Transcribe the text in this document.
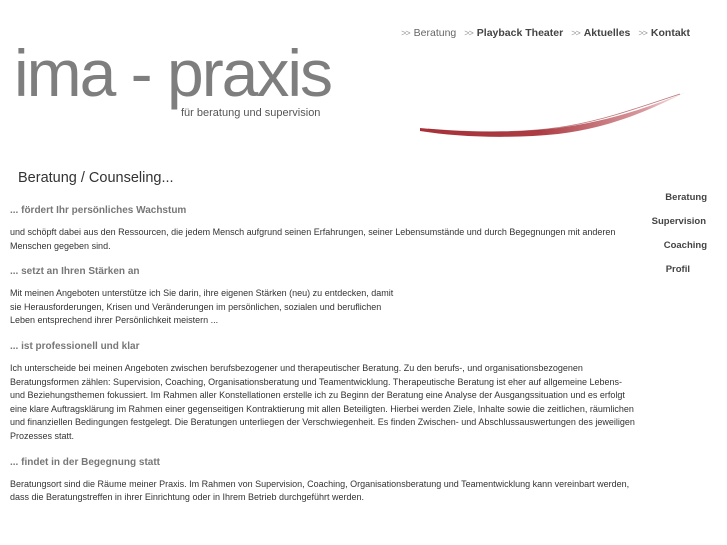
>> Beratung >> Playback Theater >> Aktuelles >> Kontakt
ima - praxis
für beratung und supervision
Beratung
Supervision
Coaching
Profil
Beratung / Counseling...
... fördert Ihr persönliches Wachstum
und schöpft dabei aus den Ressourcen, die jedem Mensch aufgrund seinen Erfahrungen, seiner Lebensumstände und durch Begegnungen mit anderen Menschen gegeben sind.
... setzt an Ihren Stärken an
Mit meinen Angeboten unterstütze ich Sie darin, ihre eigenen Stärken (neu) zu entdecken, damit sie Herausforderungen, Krisen und Veränderungen im persönlichen, sozialen und beruflichen Leben entsprechend ihrer Persönlichkeit meistern ...
... ist professionell und klar
Ich unterscheide bei meinen Angeboten zwischen berufsbezogener und therapeutischer Beratung. Zu den berufs-, und organisationsbezogenen Beratungsformen zählen: Supervision, Coaching, Organisationsberatung und Teamentwicklung. Therapeutische Beratung ist eher auf allgemeine Lebens- und Beziehungsthemen fokussiert. Im Rahmen aller Konstellationen erstelle ich zu Beginn der Beratung eine Analyse der Ausgangssituation und es erfolgt eine klare Auftragsklärung im Rahmen einer gegenseitigen Kontraktierung mit allen Beteiligten. Hierbei werden Ziele, Inhalte sowie die zeitlichen, räumlichen und finanziellen Bedingungen festgelegt. Die Beratungen unterliegen der Verschwiegenheit. Es finden Zwischen- und Abschlussauswertungen des jeweiligen Prozesses statt.
... findet in der Begegnung statt
Beratungsort sind die Räume meiner Praxis. Im Rahmen von Supervision, Coaching, Organisationsberatung und Teamentwicklung kann vereinbart werden, dass die Beratungstreffen in ihrer Einrichtung oder in Ihrem Betrieb durchgeführt werden.
